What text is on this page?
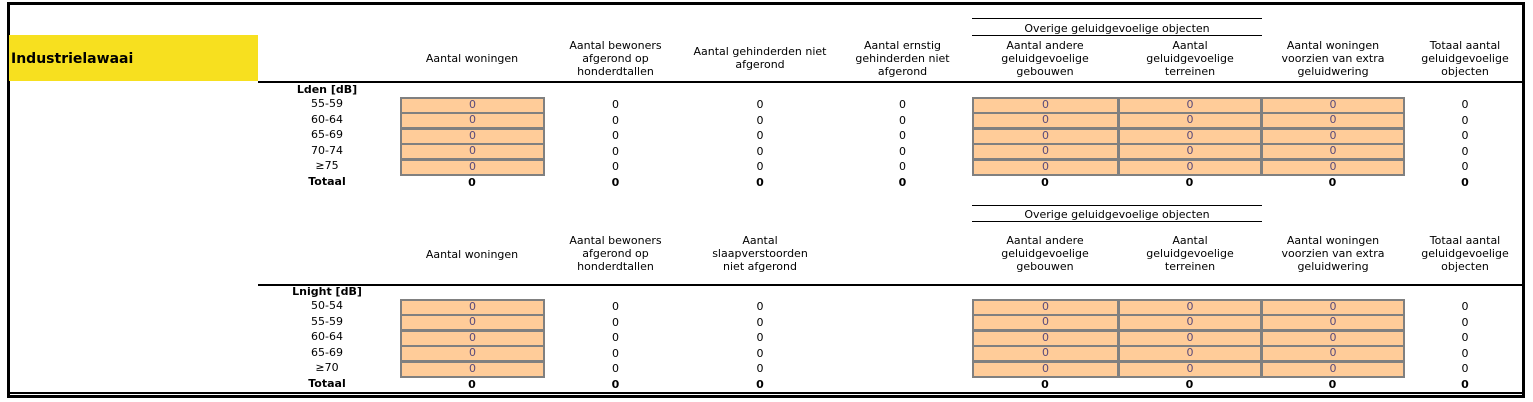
Industrielawaai
Overige geluidgevoelige objecten
Aantal woningen
Aantal bewoners afgerond op honderdtallen
Aantal gehinderden niet afgerond
Aantal ernstig gehinderden niet afgerond
Aantal andere geluidgevoelige gebouwen
Aantal geluidgevoelige terreinen
Aantal woningen voorzien van extra geluidwering
Totaal aantal geluidgevoelige objecten
Lden [dB]
55-59	0	0	0	0	0	0	0	0
60-64	0	0	0	0	0	0	0	0
65-69	0	0	0	0	0	0	0	0
70-74	0	0	0	0	0	0	0	0
≥75	0	0	0	0	0	0	0	0
Totaal	0	0	0	0	0	0	0	0
Overige geluidgevoelige objecten
Aantal woningen
Aantal bewoners afgerond op honderdtallen
Aantal slaapverstoorden niet afgerond
Aantal andere geluidgevoelige gebouwen
Aantal geluidgevoelige terreinen
Aantal woningen voorzien van extra geluidwering
Totaal aantal geluidgevoelige objecten
Lnight [dB]
50-54	0	0	0	0	0	0	0
55-59	0	0	0	0	0	0	0
60-64	0	0	0	0	0	0	0
65-69	0	0	0	0	0	0	0
≥70	0	0	0	0	0	0	0
Totaal	0	0	0	0	0	0	0
